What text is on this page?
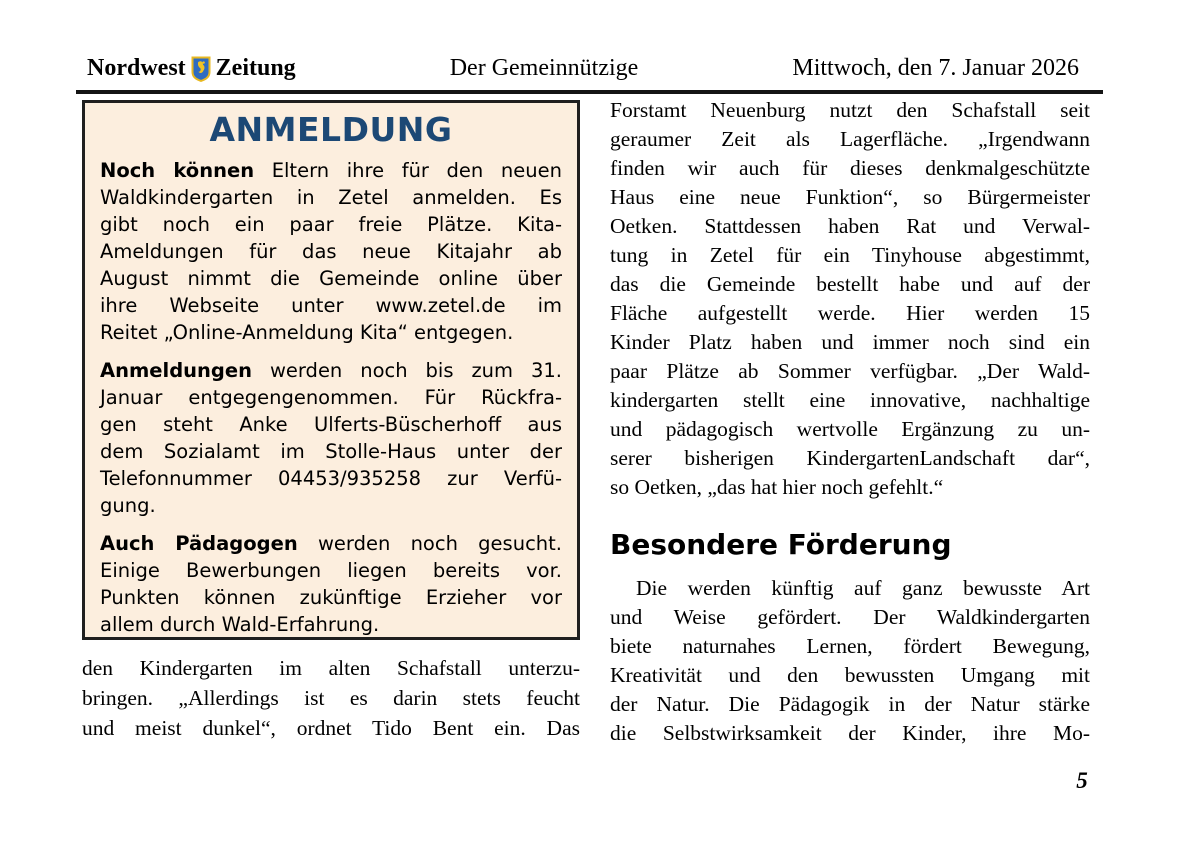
Nordwest Zeitung	Der Gemeinnützige	Mittwoch, den 7. Januar 2026
ANMELDUNG
Noch können Eltern ihre für den neuen
Waldkindergarten in Zetel anmelden. Es
gibt noch ein paar freie Plätze. Kita-
Ameldungen für das neue Kitajahr ab
August nimmt die Gemeinde online über
ihre Webseite unter www.zetel.de im
Reitet „Online-Anmeldung Kita“ entgegen.
Anmeldungen werden noch bis zum 31.
Januar entgegengenommen. Für Rückfra-
gen steht Anke Ulferts-Büscherhoff aus
dem Sozialamt im Stolle-Haus unter der
Telefonnummer 04453/935258 zur Verfü-
gung.
Auch Pädagogen werden noch gesucht.
Einige Bewerbungen liegen bereits vor.
Punkten können zukünftige Erzieher vor
allem durch Wald-Erfahrung.
den Kindergarten im alten Schafstall unterzu-
bringen. „Allerdings ist es darin stets feucht
und meist dunkel“, ordnet Tido Bent ein. Das
Forstamt Neuenburg nutzt den Schafstall seit
geraumer Zeit als Lagerfläche. „Irgendwann
finden wir auch für dieses denkmalgeschützte
Haus eine neue Funktion“, so Bürgermeister
Oetken. Stattdessen haben Rat und Verwal-
tung in Zetel für ein Tinyhouse abgestimmt,
das die Gemeinde bestellt habe und auf der
Fläche aufgestellt werde. Hier werden 15
Kinder Platz haben und immer noch sind ein
paar Plätze ab Sommer verfügbar. „Der Wald-
kindergarten stellt eine innovative, nachhaltige
und pädagogisch wertvolle Ergänzung zu un-
serer bisherigen KindergartenLandschaft dar“,
so Oetken, „das hat hier noch gefehlt.“
Besondere Förderung
Die werden künftig auf ganz bewusste Art
und Weise gefördert. Der Waldkindergarten
biete naturnahes Lernen, fördert Bewegung,
Kreativität und den bewussten Umgang mit
der Natur. Die Pädagogik in der Natur stärke
die Selbstwirksamkeit der Kinder, ihre Mo-
5
